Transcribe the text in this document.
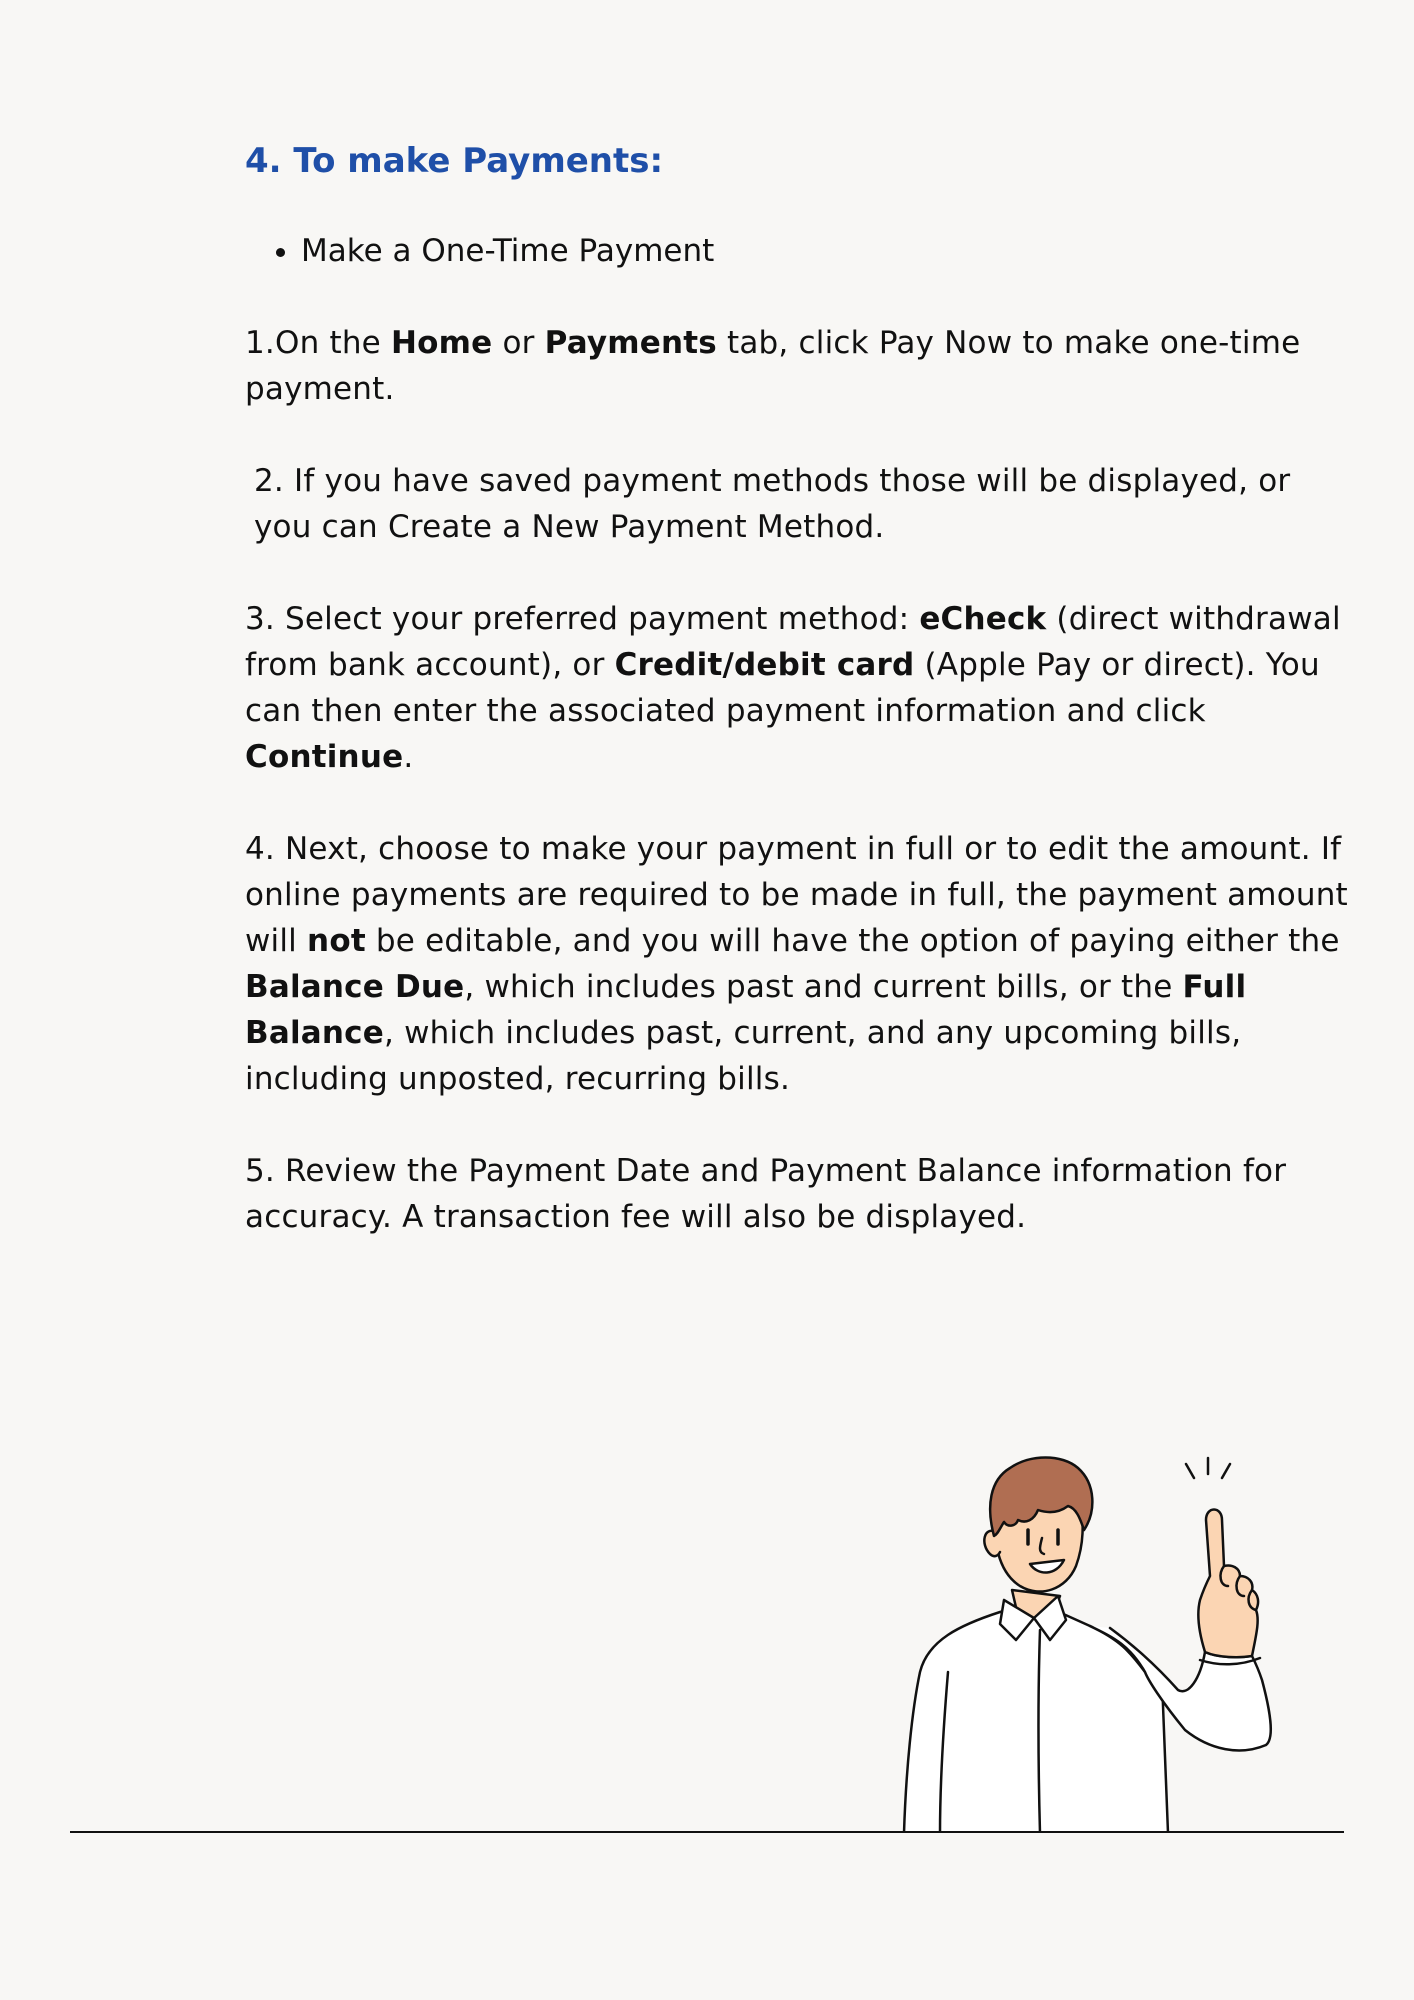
4. To make Payments:
• Make a One-Time Payment

1.On the Home or Payments tab, click Pay Now to make one-time payment.

2. If you have saved payment methods those will be displayed, or you can Create a New Payment Method.

3. Select your preferred payment method: eCheck (direct withdrawal from bank account), or Credit/debit card (Apple Pay or direct). You can then enter the associated payment information and click Continue.

4. Next, choose to make your payment in full or to edit the amount. If online payments are required to be made in full, the payment amount will not be editable, and you will have the option of paying either the Balance Due, which includes past and current bills, or the Full Balance, which includes past, current, and any upcoming bills, including unposted, recurring bills.

5. Review the Payment Date and Payment Balance information for accuracy. A transaction fee will also be displayed.
